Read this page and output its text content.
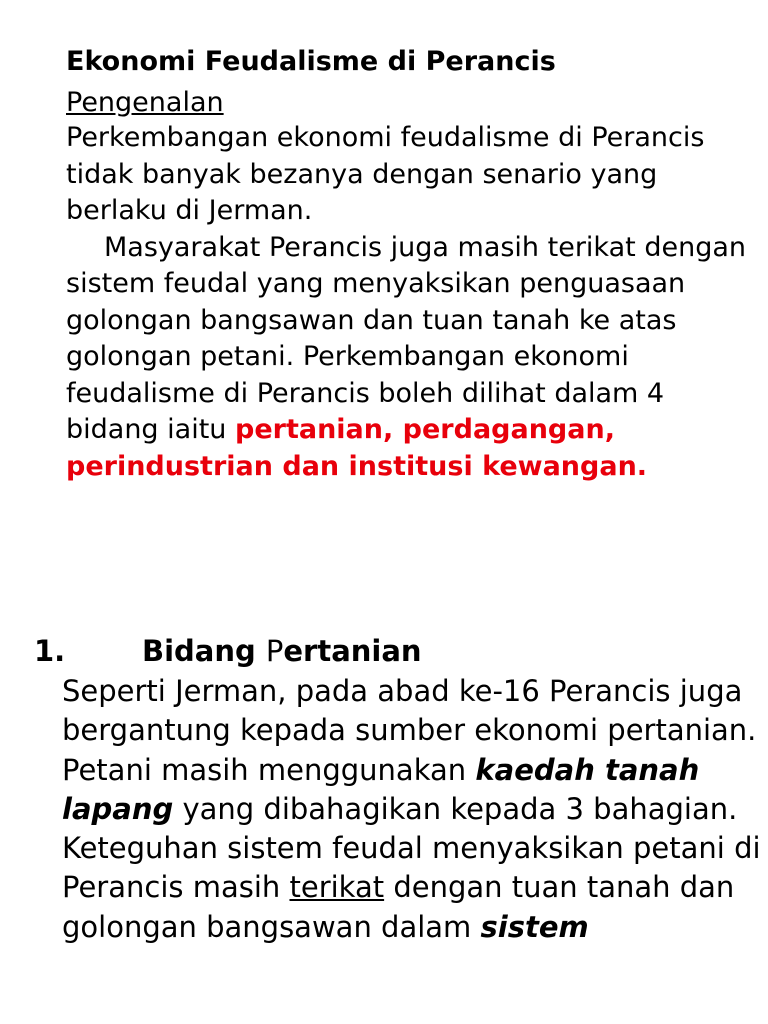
Ekonomi Feudalisme di Perancis
Pengenalan

Perkembangan ekonomi feudalisme di Perancis tidak banyak bezanya dengan senario yang berlaku di Jerman.

Masyarakat Perancis juga masih terikat dengan sistem feudal yang menyaksikan penguasaan golongan bangsawan dan tuan tanah ke atas golongan petani. Perkembangan ekonomi feudalisme di Perancis boleh dilihat dalam 4 bidang iaitu pertanian, perdagangan, perindustrian dan institusi kewangan.

1.	Bidang Pertanian

Seperti Jerman, pada abad ke-16 Perancis juga bergantung kepada sumber ekonomi pertanian. Petani masih menggunakan kaedah tanah lapang yang dibahagikan kepada 3 bahagian. Keteguhan sistem feudal menyaksikan petani di Perancis masih terikat dengan tuan tanah dan golongan bangsawan dalam sistem
